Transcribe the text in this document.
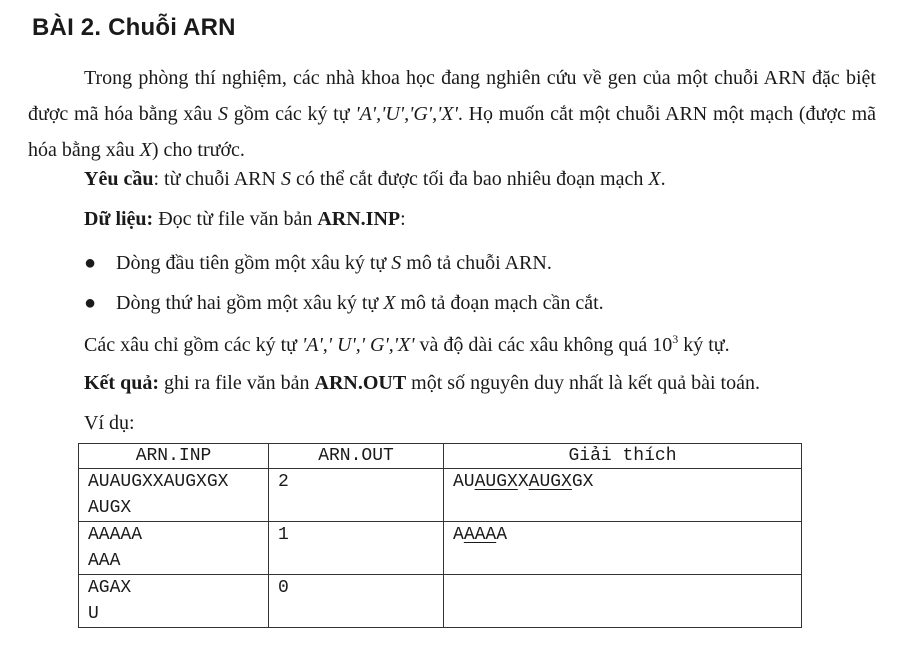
BÀI 2. Chuỗi ARN
Trong phòng thí nghiệm, các nhà khoa học đang nghiên cứu về gen của một chuỗi ARN đặc biệt được mã hóa bằng xâu S gồm các ký tự 'A','U','G','X'. Họ muốn cắt một chuỗi ARN một mạch (được mã hóa bằng xâu X) cho trước.
Yêu cầu: từ chuỗi ARN S có thể cắt được tối đa bao nhiêu đoạn mạch X.
Dữ liệu: Đọc từ file văn bản ARN.INP:
● Dòng đầu tiên gồm một xâu ký tự S mô tả chuỗi ARN.
● Dòng thứ hai gồm một xâu ký tự X mô tả đoạn mạch cần cắt.
Các xâu chỉ gồm các ký tự 'A',' U',' G','X' và độ dài các xâu không quá $10^3$ ký tự.
Kết quả: ghi ra file văn bản ARN.OUT một số nguyên duy nhất là kết quả bài toán.
Ví dụ:
ARN.INP	ARN.OUT	Giải thích

AUAUGXXAUGXGX
AUGX	2	AUAUGXXAUGXGX

AAAAA
AAA	1	AAAAA

AGAX
U	0	
